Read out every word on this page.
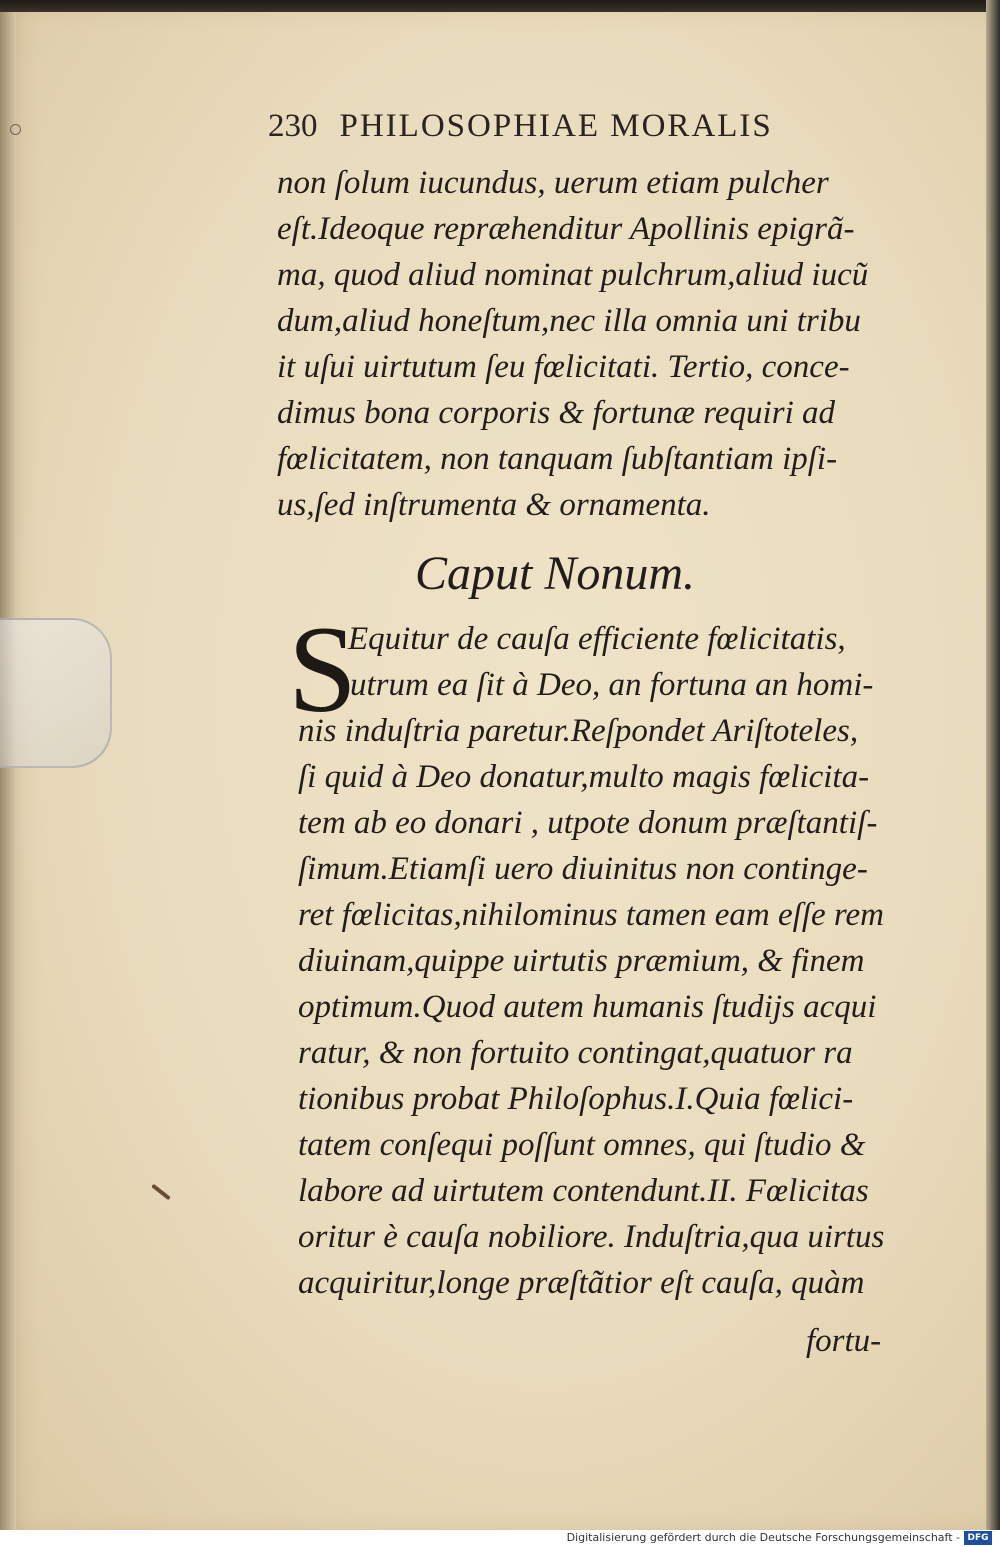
230 PHILOSOPHIAE MORALIS
non ſolum iucundus, uerum etiam pulcher
eſt.Ideoque repræhenditur Apollinis epigrã-
ma, quod aliud nominat pulchrum,aliud iucũ
dum,aliud honeſtum,nec illa omnia uni tribu
it uſui uirtutum ſeu fœlicitati. Tertio, conce-
dimus bona corporis & fortunæ requiri ad
fœlicitatem, non tanquam ſubſtantiam ipſi-
us,ſed inſtrumenta & ornamenta.
Caput Nonum.
S
Equitur de cauſa efficiente fœlicitatis,
utrum ea ſit à Deo, an fortuna an homi-
nis induſtria paretur.Reſpondet Ariſtoteles,
ſi quid à Deo donatur,multo magis fœlicita-
tem ab eo donari , utpote donum præſtantiſ-
ſimum.Etiamſi uero diuinitus non continge-
ret fœlicitas,nihilominus tamen eam eſſe rem
diuinam,quippe uirtutis præmium, & finem
optimum.Quod autem humanis ſtudijs acqui
ratur, & non fortuito contingat,quatuor ra
tionibus probat Philoſophus.I.Quia fœlici-
tatem conſequi poſſunt omnes, qui ſtudio &
labore ad uirtutem contendunt.II. Fœlicitas
oritur è cauſa nobiliore. Induſtria,qua uirtus
acquiritur,longe præſtãtior eſt cauſa, quàm
fortu-
Digitalisierung gefördert durch die Deutsche Forschungsgemeinschaft - DFG
